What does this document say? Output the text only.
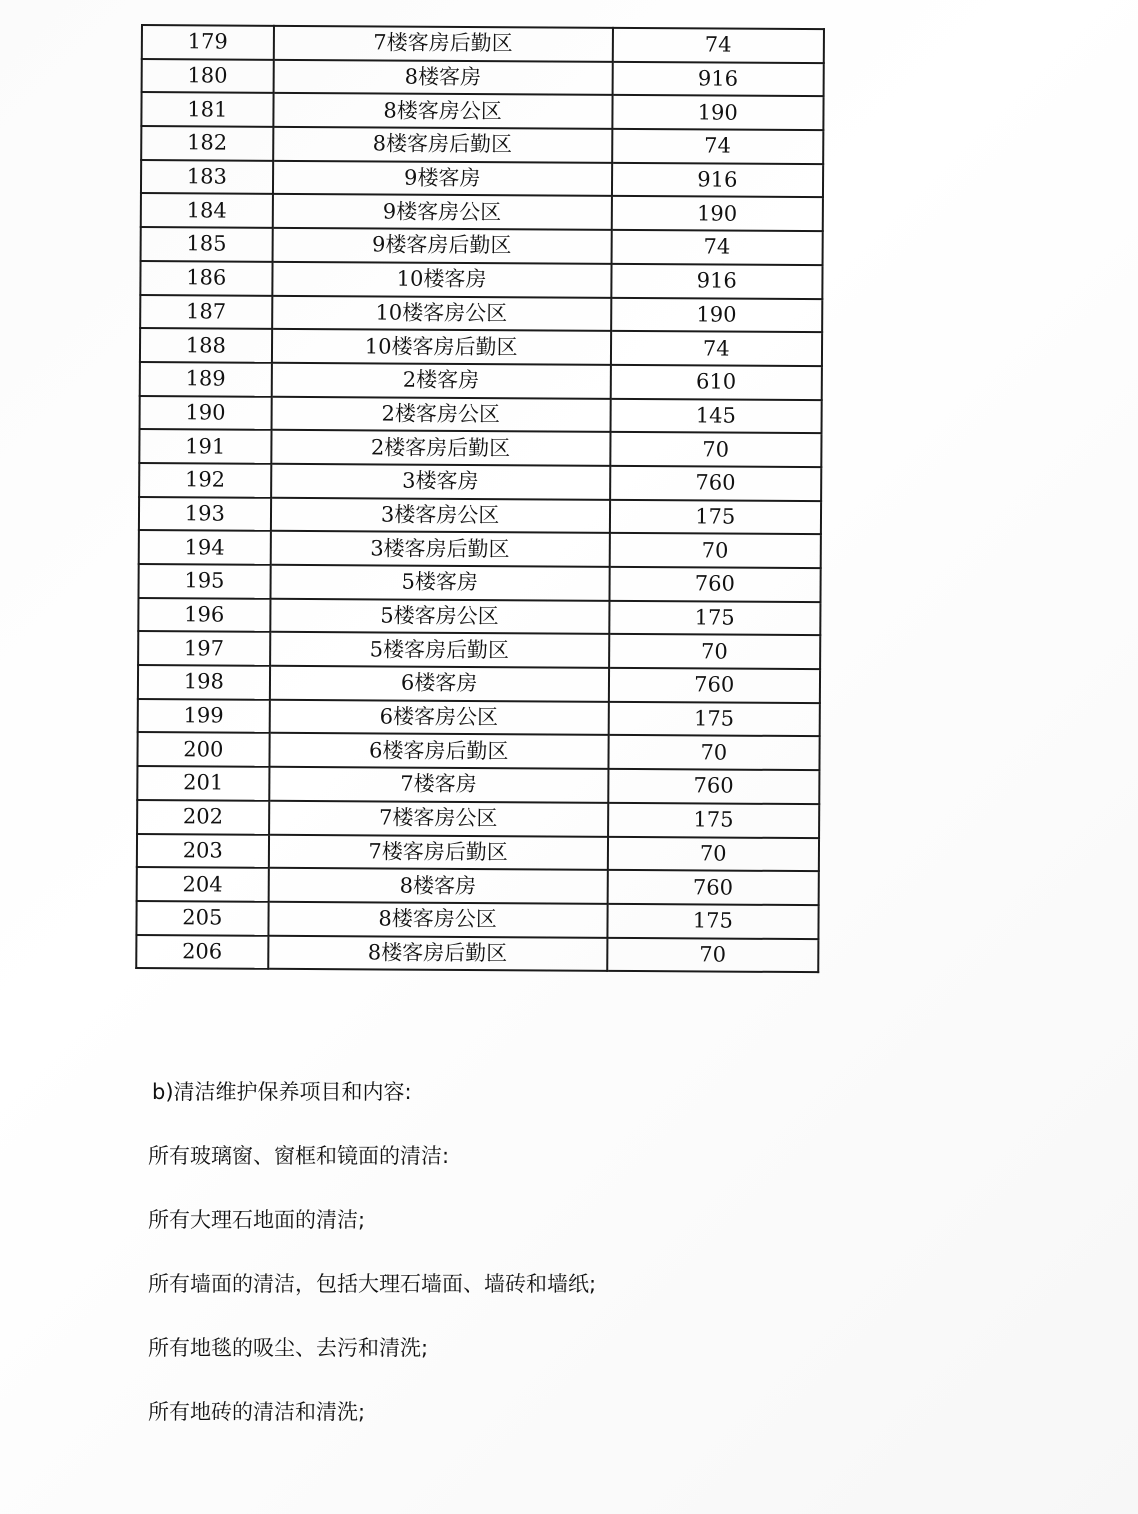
179	7楼客房后勤区	74
180	8楼客房	916
181	8楼客房公区	190
182	8楼客房后勤区	74
183	9楼客房	916
184	9楼客房公区	190
185	9楼客房后勤区	74
186	10楼客房	916
187	10楼客房公区	190
188	10楼客房后勤区	74
189	2楼客房	610
190	2楼客房公区	145
191	2楼客房后勤区	70
192	3楼客房	760
193	3楼客房公区	175
194	3楼客房后勤区	70
195	5楼客房	760
196	5楼客房公区	175
197	5楼客房后勤区	70
198	6楼客房	760
199	6楼客房公区	175
200	6楼客房后勤区	70
201	7楼客房	760
202	7楼客房公区	175
203	7楼客房后勤区	70
204	8楼客房	760
205	8楼客房公区	175
206	8楼客房后勤区	70

b)清洁维护保养项目和内容:

所有玻璃窗、窗框和镜面的清洁:

所有大理石地面的清洁;

所有墙面的清洁，包括大理石墙面、墙砖和墙纸;

所有地毯的吸尘、去污和清洗;

所有地砖的清洁和清洗;
